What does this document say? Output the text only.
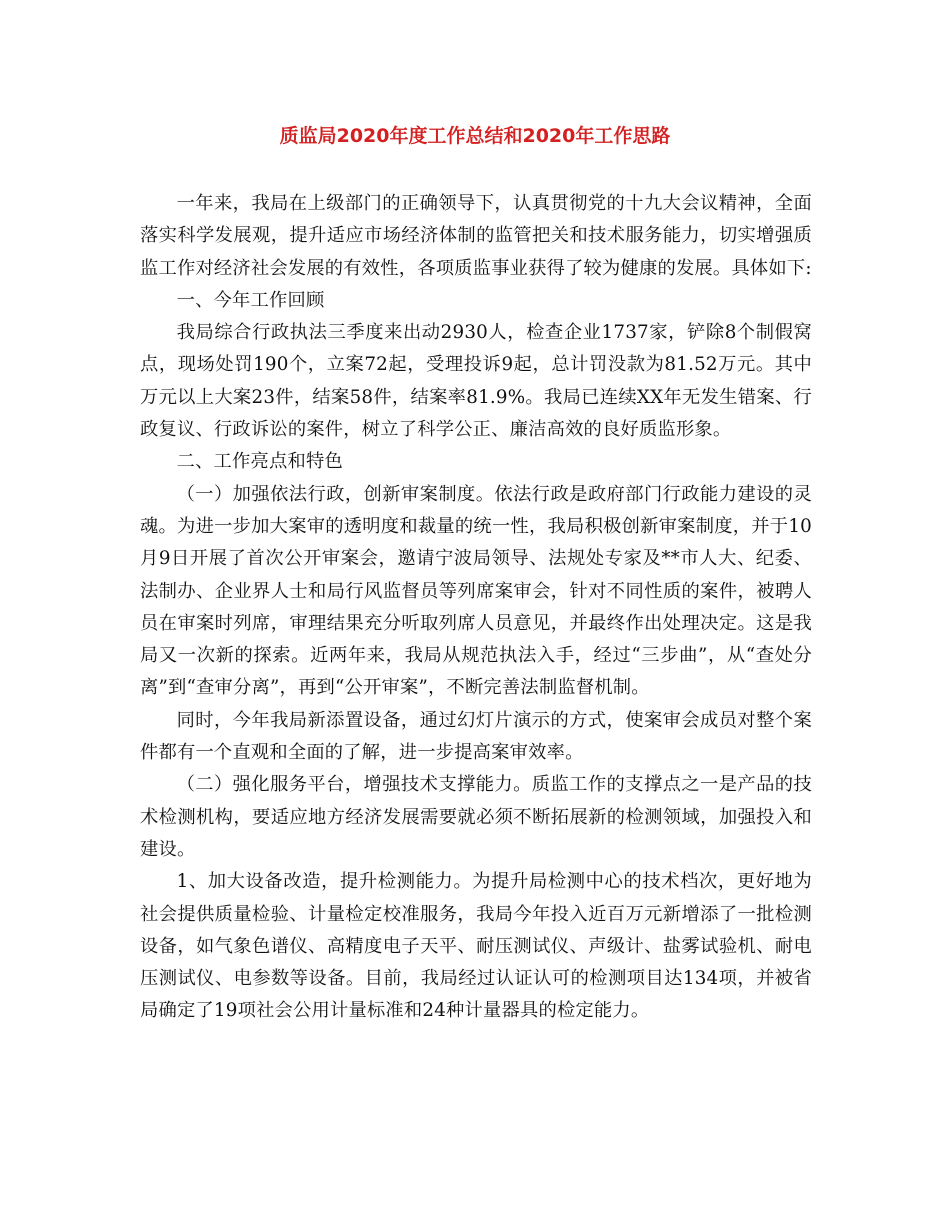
质监局2020年度工作总结和2020年工作思路

一年来，我局在上级部门的正确领导下，认真贯彻党的十九大会议精神，全面落实科学发展观，提升适应市场经济体制的监管把关和技术服务能力，切实增强质监工作对经济社会发展的有效性，各项质监事业获得了较为健康的发展。具体如下:

一、今年工作回顾

我局综合行政执法三季度来出动2930人，检查企业1737家，铲除8个制假窝点，现场处罚190个，立案72起，受理投诉9起，总计罚没款为81.52万元。其中万元以上大案23件，结案58件，结案率81.9%。我局已连续XX年无发生错案、行政复议、行政诉讼的案件，树立了科学公正、廉洁高效的良好质监形象。

二、工作亮点和特色

（一）加强依法行政，创新审案制度。依法行政是政府部门行政能力建设的灵魂。为进一步加大案审的透明度和裁量的统一性，我局积极创新审案制度，并于10月9日开展了首次公开审案会，邀请宁波局领导、法规处专家及**市人大、纪委、法制办、企业界人士和局行风监督员等列席案审会，针对不同性质的案件，被聘人员在审案时列席，审理结果充分听取列席人员意见，并最终作出处理决定。这是我局又一次新的探索。近两年来，我局从规范执法入手，经过“三步曲”，从“查处分离”到“查审分离”，再到“公开审案”，不断完善法制监督机制。

同时，今年我局新添置设备，通过幻灯片演示的方式，使案审会成员对整个案件都有一个直观和全面的了解，进一步提高案审效率。

（二）强化服务平台，增强技术支撑能力。质监工作的支撑点之一是产品的技术检测机构，要适应地方经济发展需要就必须不断拓展新的检测领域，加强投入和建设。

1、加大设备改造，提升检测能力。为提升局检测中心的技术档次，更好地为社会提供质量检验、计量检定校准服务，我局今年投入近百万元新增添了一批检测设备，如气象色谱仪、高精度电子天平、耐压测试仪、声级计、盐雾试验机、耐电压测试仪、电参数等设备。目前，我局经过认证认可的检测项目达134项，并被省局确定了19项社会公用计量标准和24种计量器具的检定能力。
